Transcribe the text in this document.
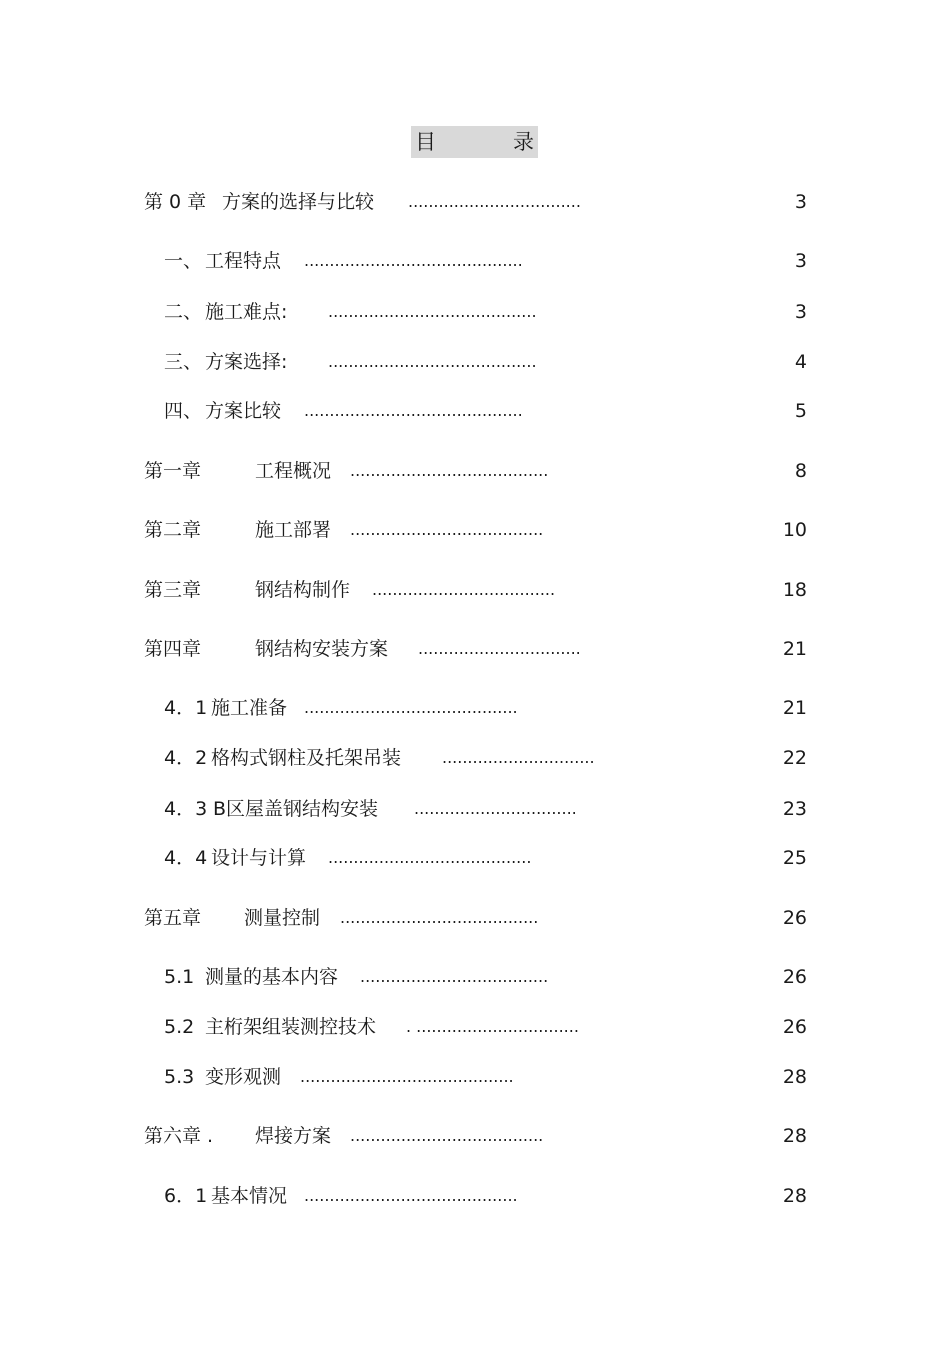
目	录
第 0 章 方案的选择与比较 ..................................	3
一、 工程特点 ...........................................	3
二、 施工难点:	.........................................	3
三、 方案选择:	.........................................	4
四、 方案比较 ...........................................	5
第一章	工程概况 .......................................	8
第二章	施工部署 ......................................	10
第三章	钢结构制作 ....................................	18
第四章	钢结构安装方案 ................................	21
4．1 施工准备 ..........................................	21
4．2 格构式钢柱及托架吊装	..............................	22
4．3 B区屋盖钢结构安装 ................................	23
4．4 设计与计算 ........................................	25
第五章 测量控制 .......................................	26
5.1 测量的基本内容 .....................................	26
5.2 主桁架组装测控技术 . ................................	26
5.3 变形观测 ..........................................	28
第六章 . 焊接方案 ......................................	28
6．1 基本情况 ..........................................	28
